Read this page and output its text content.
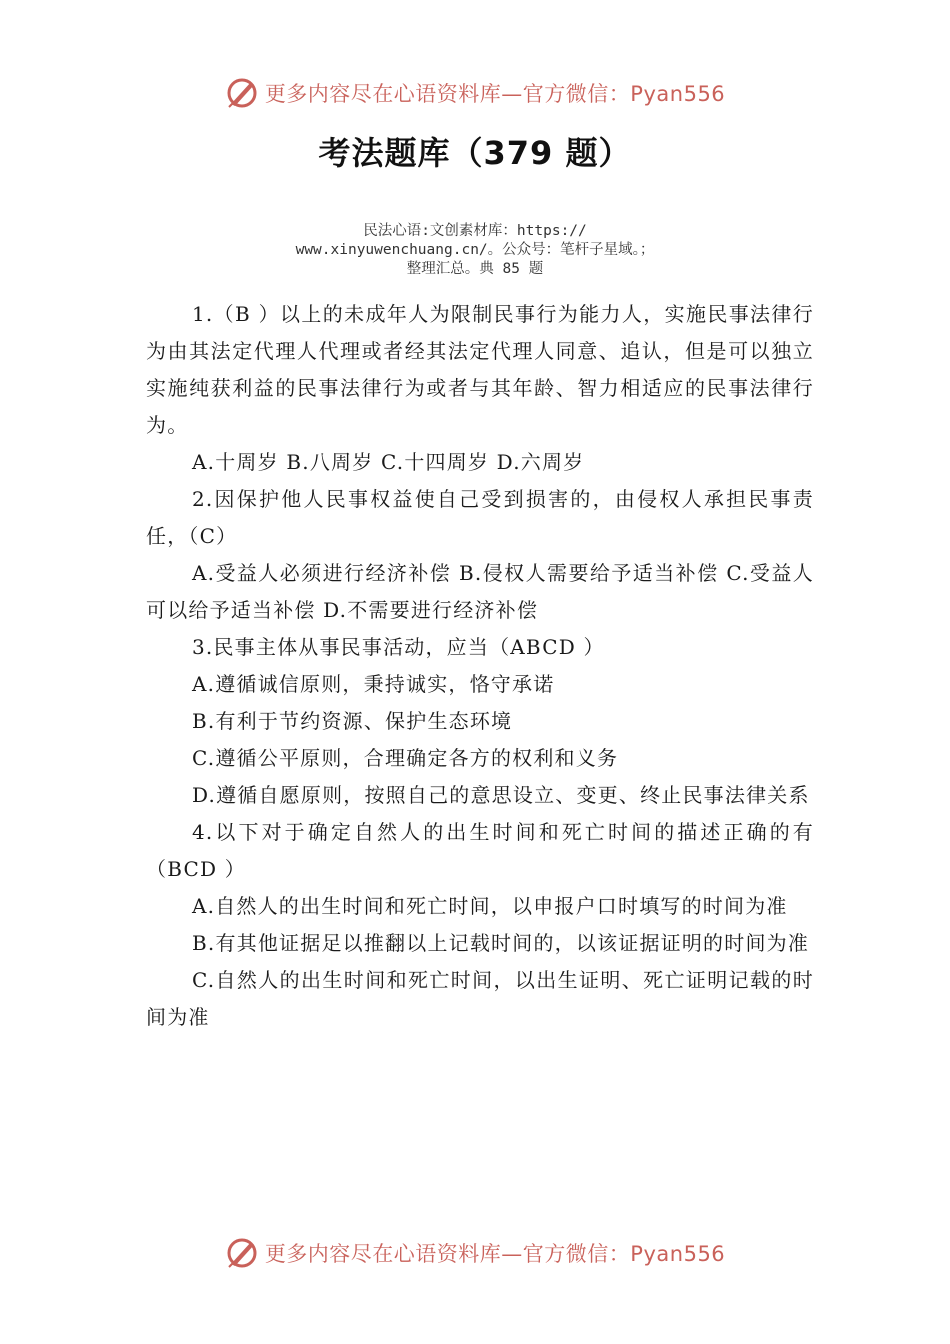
更多内容尽在心语资料库—官方微信：Pyan556
考法题库（379 题）
民法心语:文创素材库：https://
www.xinyuwenchuang.cn/。公众号：笔杆子星域。；
整理汇总。典 85 题

1.（B ）以上的未成年人为限制民事行为能力人，实施民事法律行为由其法定代理人代理或者经其法定代理人同意、追认，但是可以独立实施纯获利益的民事法律行为或者与其年龄、智力相适应的民事法律行为。

A.十周岁 B.八周岁 C.十四周岁 D.六周岁

2.因保护他人民事权益使自己受到损害的，由侵权人承担民事责任，（C）

A.受益人必须进行经济补偿 B.侵权人需要给予适当补偿 C.受益人可以给予适当补偿 D.不需要进行经济补偿

3.民事主体从事民事活动，应当（ABCD ）

A.遵循诚信原则，秉持诚实，恪守承诺

B.有利于节约资源、保护生态环境

C.遵循公平原则，合理确定各方的权利和义务

D.遵循自愿原则，按照自己的意思设立、变更、终止民事法律关系

4.以下对于确定自然人的出生时间和死亡时间的描述正确的有（BCD ）

A.自然人的出生时间和死亡时间，以申报户口时填写的时间为准

B.有其他证据足以推翻以上记载时间的，以该证据证明的时间为准

C.自然人的出生时间和死亡时间，以出生证明、死亡证明记载的时间为准

更多内容尽在心语资料库—官方微信：Pyan556
